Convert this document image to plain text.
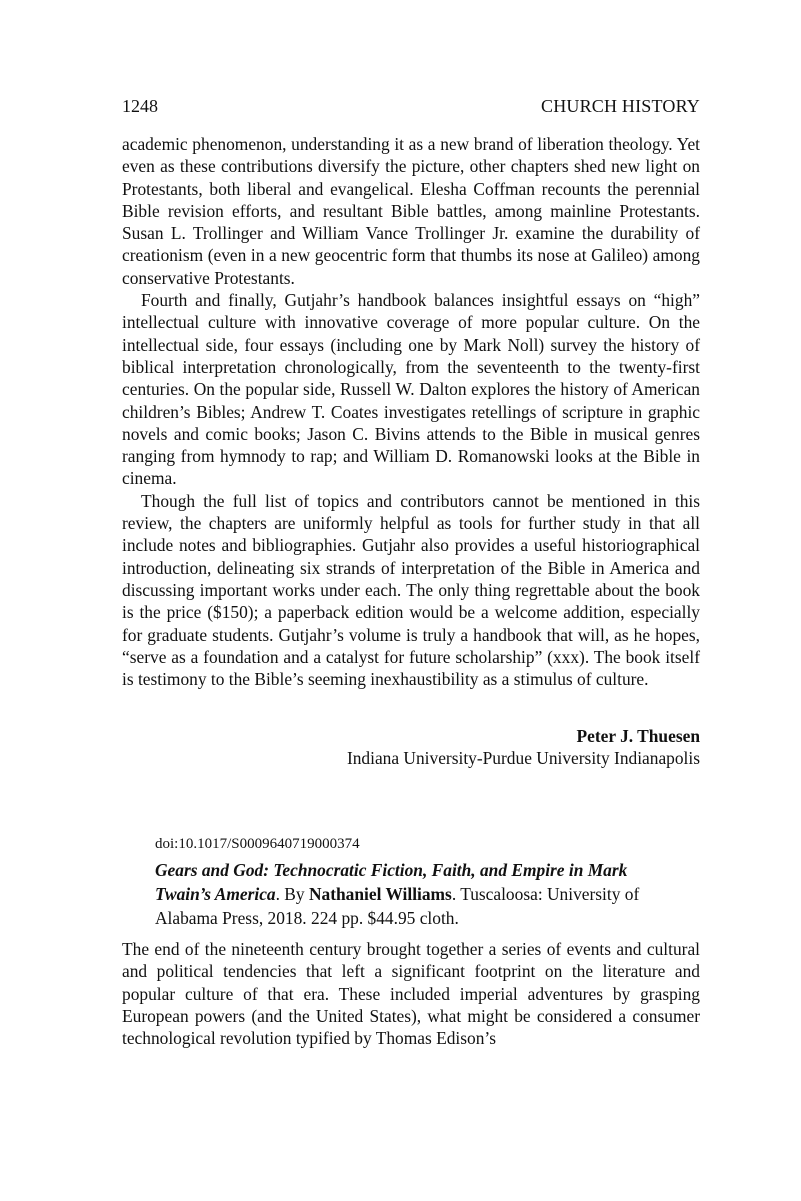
1248	CHURCH HISTORY

academic phenomenon, understanding it as a new brand of liberation theology. Yet even as these contributions diversify the picture, other chapters shed new light on Protestants, both liberal and evangelical. Elesha Coffman recounts the perennial Bible revision efforts, and resultant Bible battles, among mainline Protestants. Susan L. Trollinger and William Vance Trollinger Jr. examine the durability of creationism (even in a new geocentric form that thumbs its nose at Galileo) among conservative Protestants.

Fourth and finally, Gutjahr’s handbook balances insightful essays on “high” intellectual culture with innovative coverage of more popular culture. On the intellectual side, four essays (including one by Mark Noll) survey the history of biblical interpretation chronologically, from the seventeenth to the twenty-first centuries. On the popular side, Russell W. Dalton explores the history of American children’s Bibles; Andrew T. Coates investigates retellings of scripture in graphic novels and comic books; Jason C. Bivins attends to the Bible in musical genres ranging from hymnody to rap; and William D. Romanowski looks at the Bible in cinema.

Though the full list of topics and contributors cannot be mentioned in this review, the chapters are uniformly helpful as tools for further study in that all include notes and bibliographies. Gutjahr also provides a useful historiographical introduction, delineating six strands of interpretation of the Bible in America and discussing important works under each. The only thing regrettable about the book is the price ($150); a paperback edition would be a welcome addition, especially for graduate students. Gutjahr’s volume is truly a handbook that will, as he hopes, “serve as a foundation and a catalyst for future scholarship” (xxx). The book itself is testimony to the Bible’s seeming inexhaustibility as a stimulus of culture.

Peter J. Thuesen
Indiana University-Purdue University Indianapolis
doi:10.1017/S0009640719000374
Gears and God: Technocratic Fiction, Faith, and Empire in Mark Twain’s America. By Nathaniel Williams. Tuscaloosa: University of Alabama Press, 2018. 224 pp. $44.95 cloth.

The end of the nineteenth century brought together a series of events and cultural and political tendencies that left a significant footprint on the literature and popular culture of that era. These included imperial adventures by grasping European powers (and the United States), what might be considered a consumer technological revolution typified by Thomas Edison’s
